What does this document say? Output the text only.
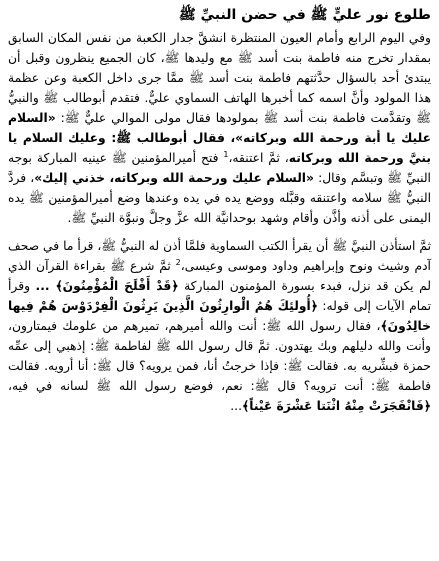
طلوع نور عليٍّ ﷺ في حضن النبيِّ ﷺ

وفي اليوم الرابع وأمام العيون المنتظرة انشقَّ جدار الكعبة من نفس المكان السابق بمقدار تخرج منه فاطمة بنت أسد ﷺ مع وليدها ﷺ، كان الجميع ينظرون وقبل أن يبتدئ أحد بالسؤال حدَّثتهم فاطمة بنت أسد ﷺ ممَّا جرى داخل الكعبة وعن عظمة هذا المولود وأنَّ اسمه كما أخبرها الهاتف السماوي عليٌّ. فتقدم أبوطالب ﷺ والنبيُّ ﷺ وتقدَّمت فاطمة بنت أسد ﷺ بمولودها فقال مولى الموالي عليٌّ ﷺ: «السلام عليك يا أبة ورحمة الله وبركاته»، فقال أبوطالب ﷺ: وعليك السلام يا بنيَّ ورحمة الله وبركاته، ثمَّ اعتنقه،$^1$ فتح أميرالمؤمنين ﷺ عينيه المباركة بوجه النبيِّ ﷺ وتبسَّم وقال: «السلام عليك ورحمة الله وبركاته، خذني إليك»، فردَّ النبيُّ ﷺ سلامه واعتنقه وقبَّله ووضع يده في يده وعندها وضع أميرالمؤمنين ﷺ يده اليمنى على أذنه وأذَّن وأقام وشهد بوحدانيَّة الله عزَّ وجلَّ ونبوَّة النبيِّ ﷺ.

ثمَّ استأذن النبيَّ ﷺ أن يقرأ الكتب السماوية فلمَّا أذن له النبيُّ ﷺ، قرأ ما في صحف آدم وشيث ونوح وإبراهيم وداود وموسى وعيسى،$^2$ ثمَّ شرع ﷺ بقراءة القرآن الذي لم يكن قد نزل، فبدء بسورة المؤمنون المباركة ﴿قَدْ أَفْلَحَ الْمُؤْمِنُونَ﴾ ... وقرأ تمام الآيات إلى قوله: ﴿أُولئِكَ هُمُ الْوارِثُونَ الَّذِينَ يَرِثُونَ الْفِرْدَوْسَ هُمْ فِيها خالِدُونَ﴾، فقال رسول الله ﷺ: أنت والله أميرهم، تميرهم من علومك فيمتارون، وأنت والله دليلهم وبك يهتدون. ثمَّ قال رسول الله ﷺ لفاطمة ﷺ: إذهبي إلى عمِّه حمزة فبشِّريه به. فقالت ﷺ: فإذا خرجتُ أنا، فمن يرويه؟ قال ﷺ: أنا أرويه. فقالت فاطمة ﷺ: أنت ترويه؟ قال ﷺ: نعم، فوضع رسول الله ﷺ لسانه في فيه، ﴿فَانْفَجَرَتْ مِنْهُ اثْنَتا عَشْرَةَ عَيْناً﴾...
